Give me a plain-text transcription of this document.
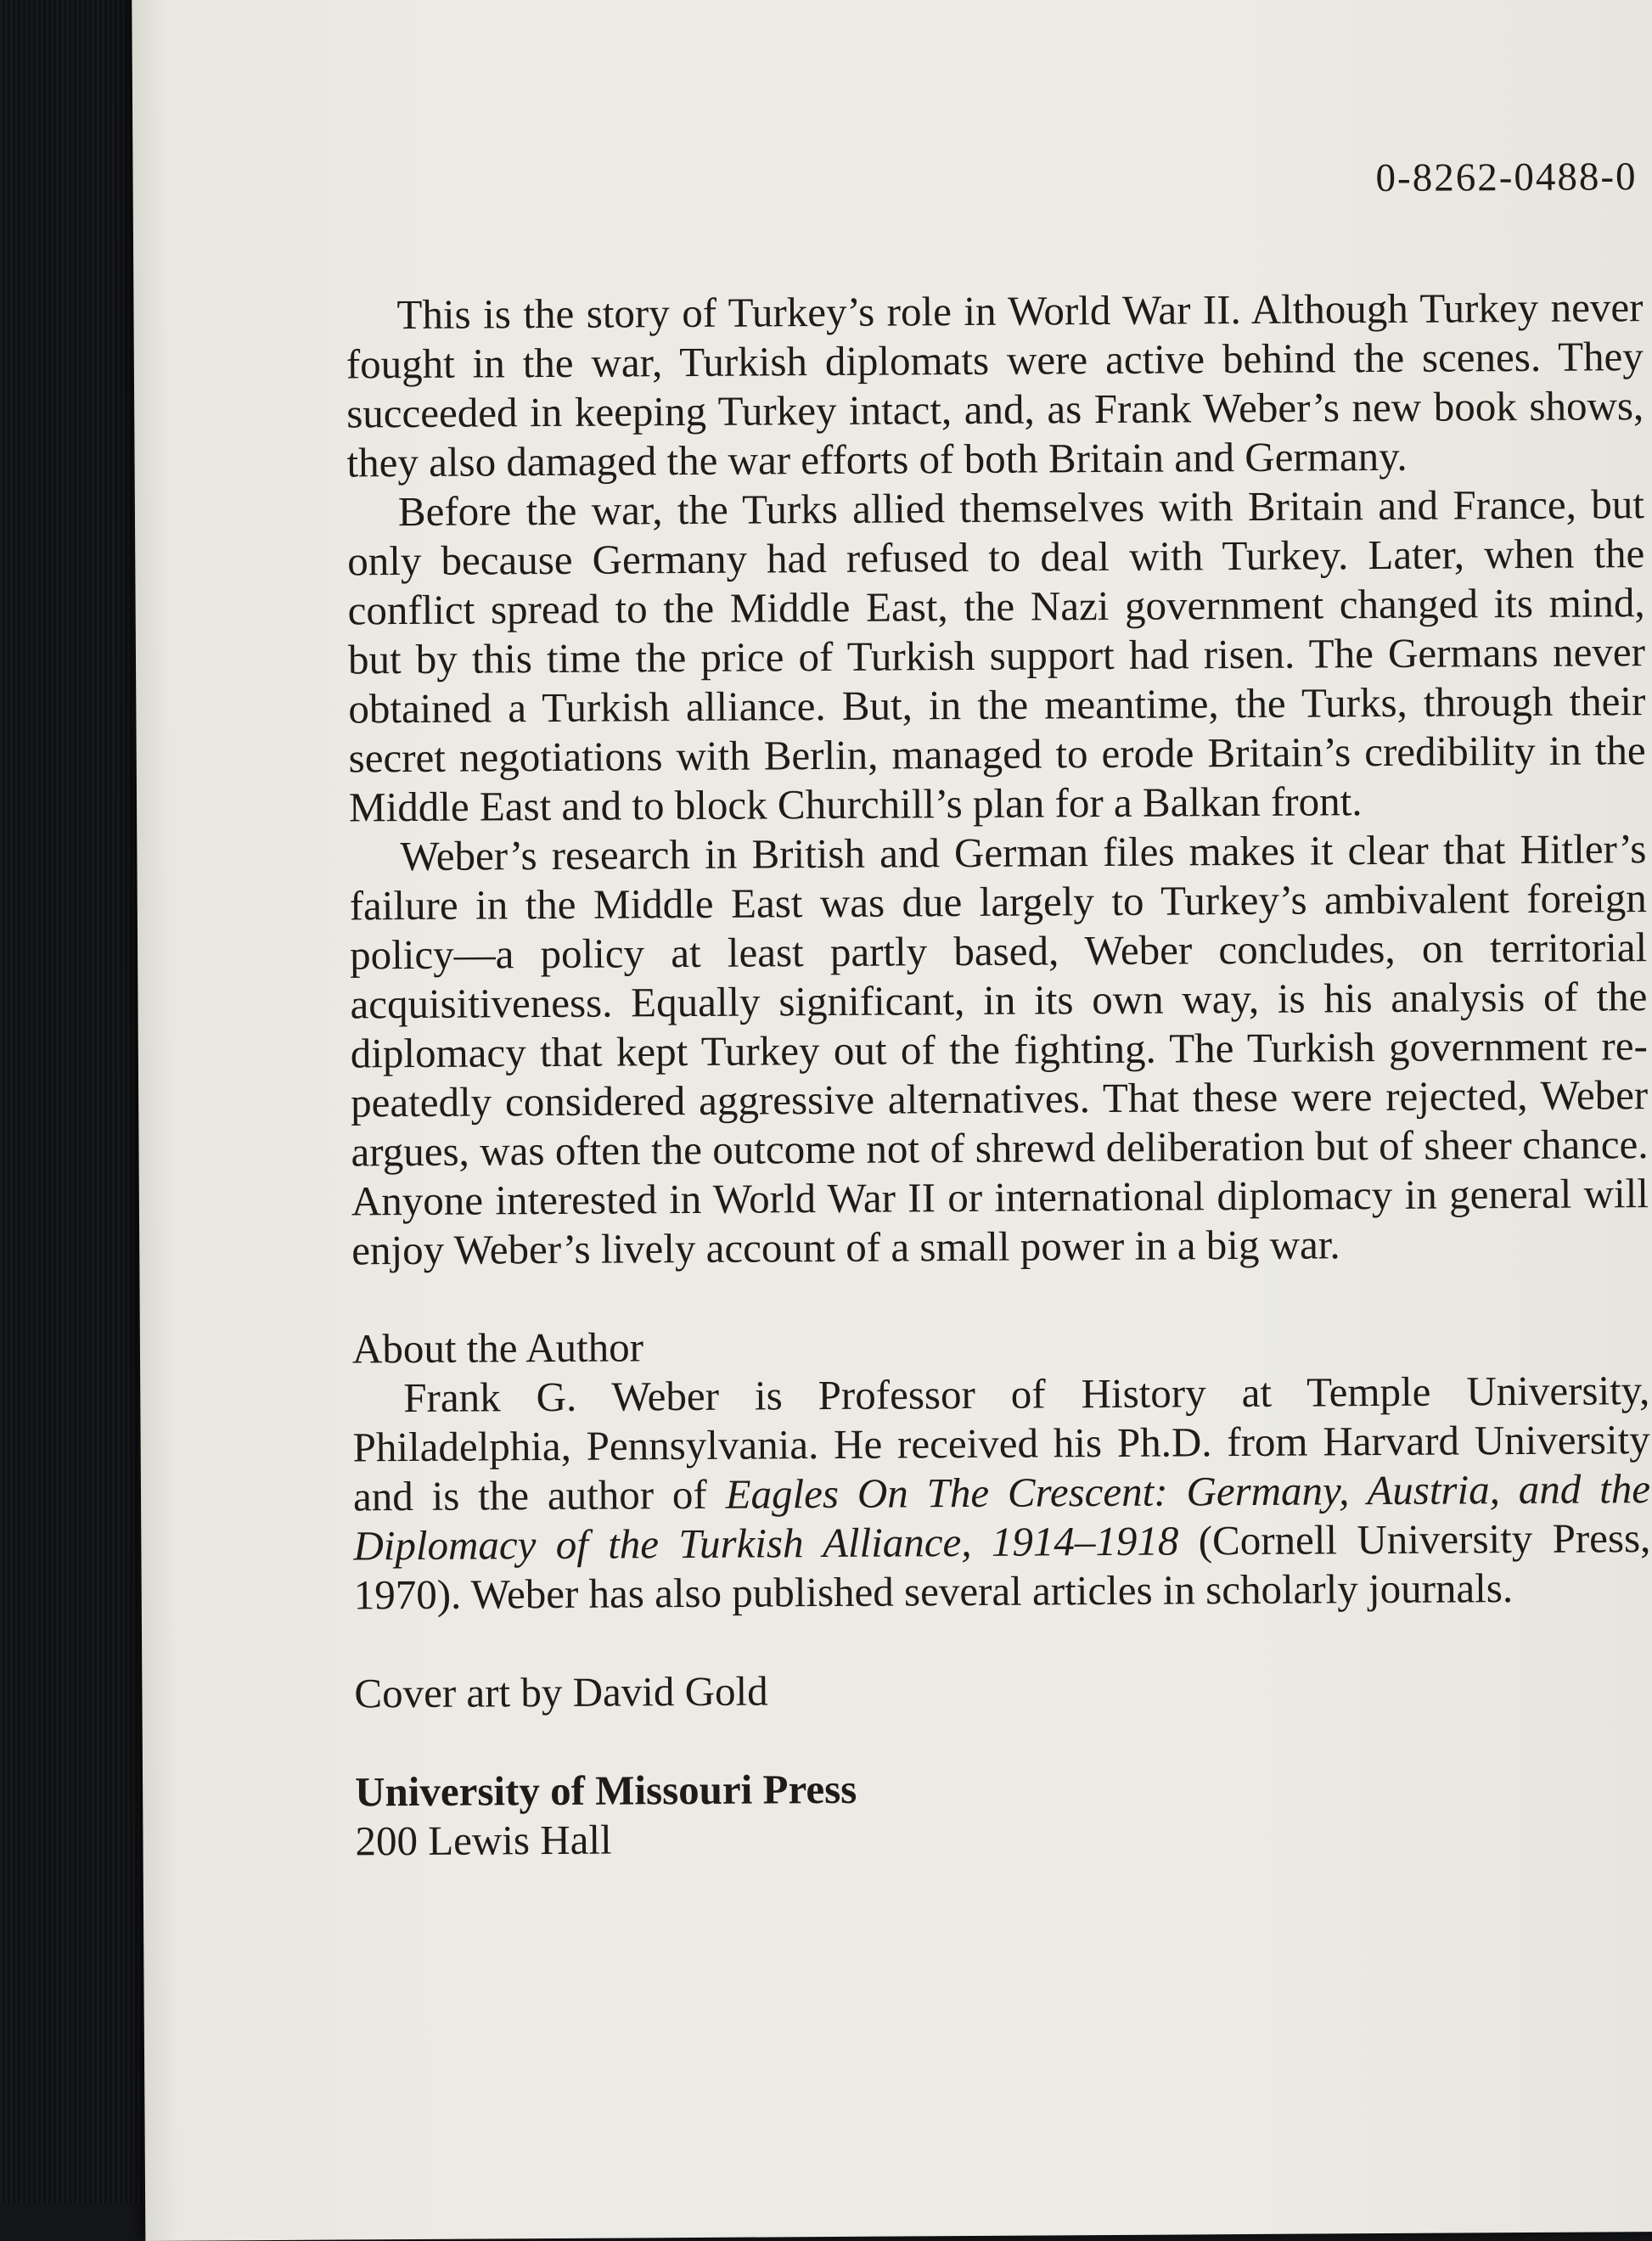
0-8262-0488-0

This is the story of Turkey’s role in World War II. Although Turkey never fought in the war, Turkish diplomats were active behind the scenes. They succeeded in keeping Turkey intact, and, as Frank Weber’s new book shows, they also damaged the war efforts of both Britain and Germany.

Before the war, the Turks allied themselves with Britain and France, but only because Germany had refused to deal with Turkey. Later, when the conflict spread to the Middle East, the Nazi government changed its mind, but by this time the price of Turkish support had risen. The Germans never obtained a Turkish alliance. But, in the meantime, the Turks, through their secret negotiations with Berlin, managed to erode Britain’s credibility in the Middle East and to block Churchill’s plan for a Balkan front.

Weber’s research in British and German files makes it clear that Hitler’s failure in the Middle East was due largely to Turkey’s ambivalent foreign policy—a policy at least partly based, Weber concludes, on territorial acquisitiveness. Equally significant, in its own way, is his analysis of the diplomacy that kept Turkey out of the fighting. The Turkish government repeatedly considered aggressive alternatives. That these were rejected, Weber argues, was often the outcome not of shrewd deliberation but of sheer chance. Anyone interested in World War II or international diplomacy in general will enjoy Weber’s lively account of a small power in a big war.

About the Author

Frank G. Weber is Professor of History at Temple University, Philadelphia, Pennsylvania. He received his Ph.D. from Harvard University and is the author of Eagles On The Crescent: Germany, Austria, and the Diplomacy of the Turkish Alliance, 1914–1918 (Cornell University Press, 1970). Weber has also published several articles in scholarly journals.

Cover art by David Gold

University of Missouri Press

200 Lewis Hall
